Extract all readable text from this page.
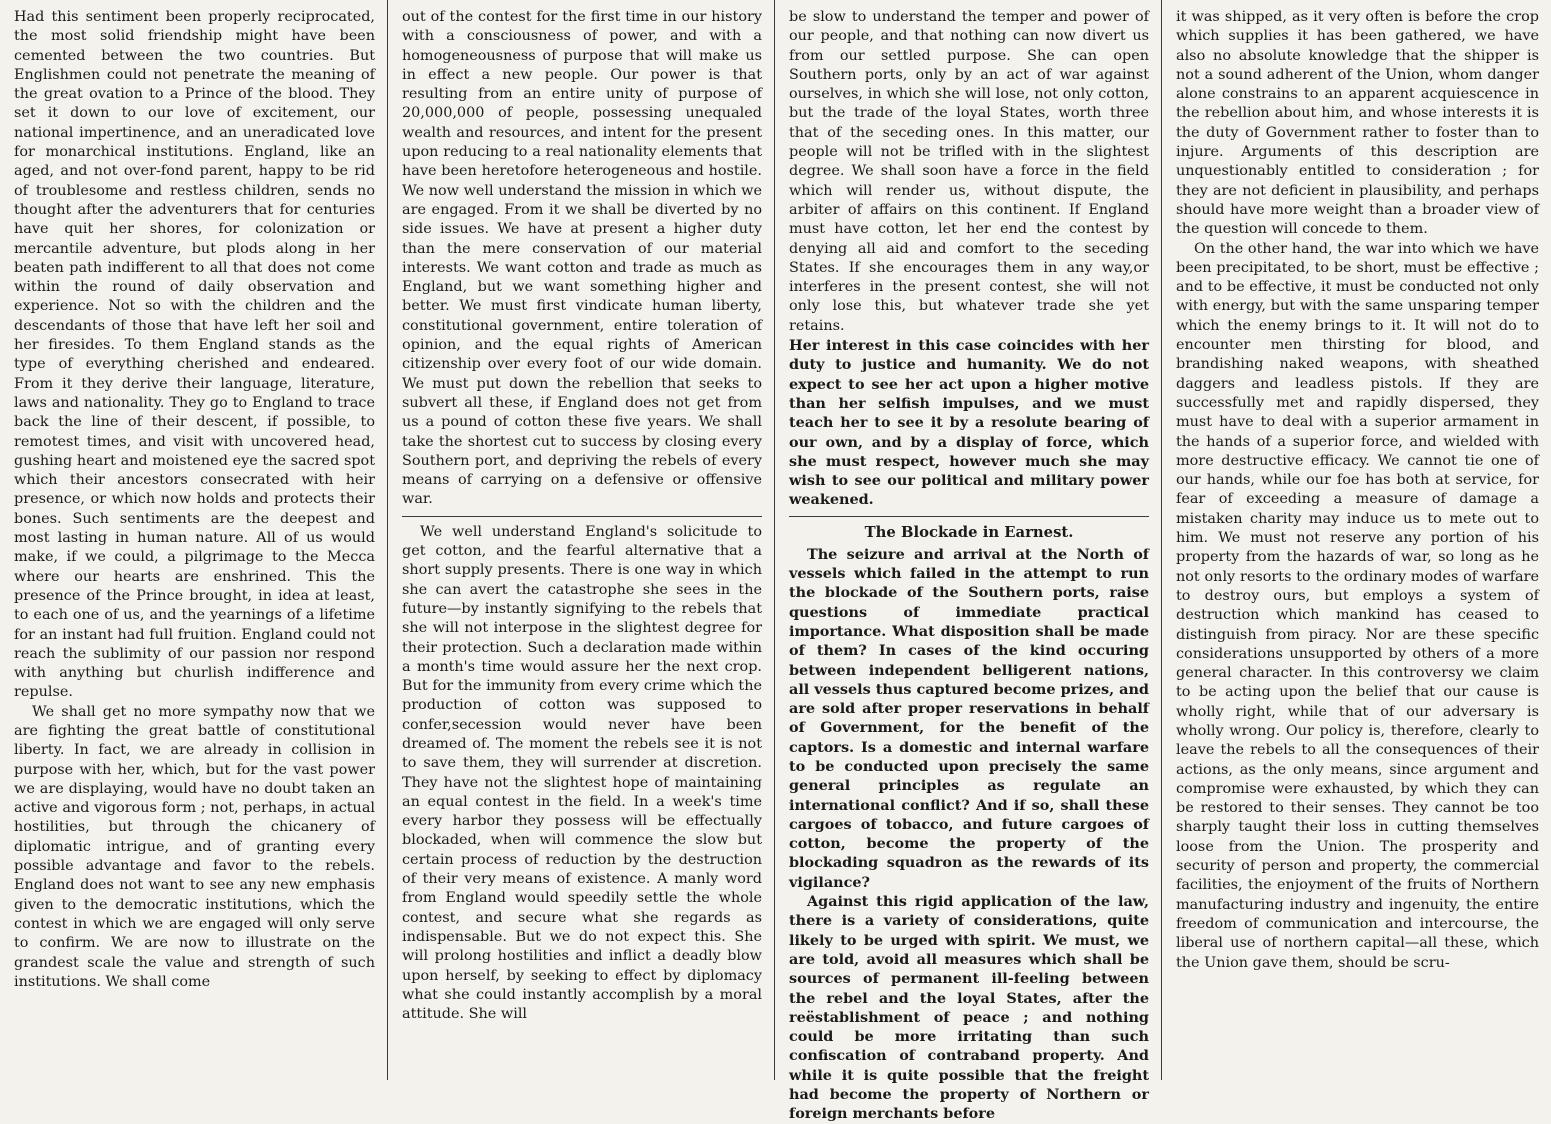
Had this sentiment been properly reciprocated, the most solid friendship might have been cemented between the two countries. But Englishmen could not penetrate the meaning of the great ovation to a Prince of the blood. They set it down to our love of excitement, our national impertinence, and an uneradicated love for monarchical institutions. England, like an aged, and not over-fond parent, happy to be rid of troublesome and restless children, sends no thought after the adventurers that for centuries have quit her shores, for colonization or mercantile adventure, but plods along in her beaten path indifferent to all that does not come within the round of daily observation and experience. Not so with the children and the descendants of those that have left her soil and her firesides. To them England stands as the type of everything cherished and endeared. From it they derive their language, literature, laws and nationality. They go to England to trace back the line of their descent, if possible, to remotest times, and visit with uncovered head, gushing heart and moistened eye the sacred spot which their ancestors consecrated with heir presence, or which now holds and protects their bones. Such sentiments are the deepest and most lasting in human nature. All of us would make, if we could, a pilgrimage to the Mecca where our hearts are enshrined. This the presence of the Prince brought, in idea at least, to each one of us, and the yearnings of a lifetime for an instant had full fruition. England could not reach the sublimity of our passion nor respond with anything but churlish indifference and repulse.

We shall get no more sympathy now that we are fighting the great battle of constitutional liberty. In fact, we are already in collision in purpose with her, which, but for the vast power we are displaying, would have no doubt taken an active and vigorous form ; not, perhaps, in actual hostilities, but through the chicanery of diplomatic intrigue, and of granting every possible advantage and favor to the rebels. England does not want to see any new emphasis given to the democratic institutions, which the contest in which we are engaged will only serve to confirm. We are now to illustrate on the grandest scale the value and strength of such institutions. We shall come

out of the contest for the first time in our history with a consciousness of power, and with a homogeneousness of purpose that will make us in effect a new people. Our power is that resulting from an entire unity of purpose of 20,000,000 of people, possessing unequaled wealth and resources, and intent for the present upon reducing to a real nationality elements that have been heretofore heterogeneous and hostile. We now well understand the mission in which we are engaged. From it we shall be diverted by no side issues. We have at present a higher duty than the mere conservation of our material interests. We want cotton and trade as much as England, but we want something higher and better. We must first vindicate human liberty, constitutional government, entire toleration of opinion, and the equal rights of American citizenship over every foot of our wide domain. We must put down the rebellion that seeks to subvert all these, if England does not get from us a pound of cotton these five years. We shall take the shortest cut to success by closing every Southern port, and depriving the rebels of every means of carrying on a defensive or offensive war.

We well understand England's solicitude to get cotton, and the fearful alternative that a short supply presents. There is one way in which she can avert the catastrophe she sees in the future—by instantly signifying to the rebels that she will not interpose in the slightest degree for their protection. Such a declaration made within a month's time would assure her the next crop. But for the immunity from every crime which the production of cotton was supposed to confer,secession would never have been dreamed of. The moment the rebels see it is not to save them, they will surrender at discretion. They have not the slightest hope of maintaining an equal contest in the field. In a week's time every harbor they possess will be effectually blockaded, when will commence the slow but certain process of reduction by the destruction of their very means of existence. A manly word from England would speedily settle the whole contest, and secure what she regards as indispensable. But we do not expect this. She will prolong hostilities and inflict a deadly blow upon herself, by seeking to effect by diplomacy what she could instantly accomplish by a moral attitude. She will

be slow to understand the temper and power of our people, and that nothing can now divert us from our settled purpose. She can open Southern ports, only by an act of war against ourselves, in which she will lose, not only cotton, but the trade of the loyal States, worth three that of the seceding ones. In this matter, our people will not be trifled with in the slightest degree. We shall soon have a force in the field which will render us, without dispute, the arbiter of affairs on this continent. If England must have cotton, let her end the contest by denying all aid and comfort to the seceding States. If she encourages them in any way,or interferes in the present contest, she will not only lose this, but whatever trade she yet retains.

Her interest in this case coincides with her duty to justice and humanity. We do not expect to see her act upon a higher motive than her selfish impulses, and we must teach her to see it by a resolute bearing of our own, and by a display of force, which she must respect, however much she may wish to see our political and military power weakened.

The Blockade in Earnest.

The seizure and arrival at the North of vessels which failed in the attempt to run the blockade of the Southern ports, raise questions of immediate practical importance. What disposition shall be made of them? In cases of the kind occuring between independent belligerent nations, all vessels thus captured become prizes, and are sold after proper reservations in behalf of Government, for the benefit of the captors. Is a domestic and internal warfare to be conducted upon precisely the same general principles as regulate an international conflict? And if so, shall these cargoes of tobacco, and future cargoes of cotton, become the property of the blockading squadron as the rewards of its vigilance?

Against this rigid application of the law, there is a variety of considerations, quite likely to be urged with spirit. We must, we are told, avoid all measures which shall be sources of permanent ill-feeling between the rebel and the loyal States, after the reëstablishment of peace ; and nothing could be more irritating than such confiscation of contraband property. And while it is quite possible that the freight had become the property of Northern or foreign merchants before

it was shipped, as it very often is before the crop which supplies it has been gathered, we have also no absolute knowledge that the shipper is not a sound adherent of the Union, whom danger alone constrains to an apparent acquiescence in the rebellion about him, and whose interests it is the duty of Government rather to foster than to injure. Arguments of this description are unquestionably entitled to consideration ; for they are not deficient in plausibility, and perhaps should have more weight than a broader view of the question will concede to them.

On the other hand, the war into which we have been precipitated, to be short, must be effective ; and to be effective, it must be conducted not only with energy, but with the same unsparing temper which the enemy brings to it. It will not do to encounter men thirsting for blood, and brandishing naked weapons, with sheathed daggers and leadless pistols. If they are successfully met and rapidly dispersed, they must have to deal with a superior armament in the hands of a superior force, and wielded with more destructive efficacy. We cannot tie one of our hands, while our foe has both at service, for fear of exceeding a measure of damage a mistaken charity may induce us to mete out to him. We must not reserve any portion of his property from the hazards of war, so long as he not only resorts to the ordinary modes of warfare to destroy ours, but employs a system of destruction which mankind has ceased to distinguish from piracy. Nor are these specific considerations unsupported by others of a more general character. In this controversy we claim to be acting upon the belief that our cause is wholly right, while that of our adversary is wholly wrong. Our policy is, therefore, clearly to leave the rebels to all the consequences of their actions, as the only means, since argument and compromise were exhausted, by which they can be restored to their senses. They cannot be too sharply taught their loss in cutting themselves loose from the Union. The prosperity and security of person and property, the commercial facilities, the enjoyment of the fruits of Northern manufacturing industry and ingenuity, the entire freedom of communication and intercourse, the liberal use of northern capital—all these, which the Union gave them, should be scru-
